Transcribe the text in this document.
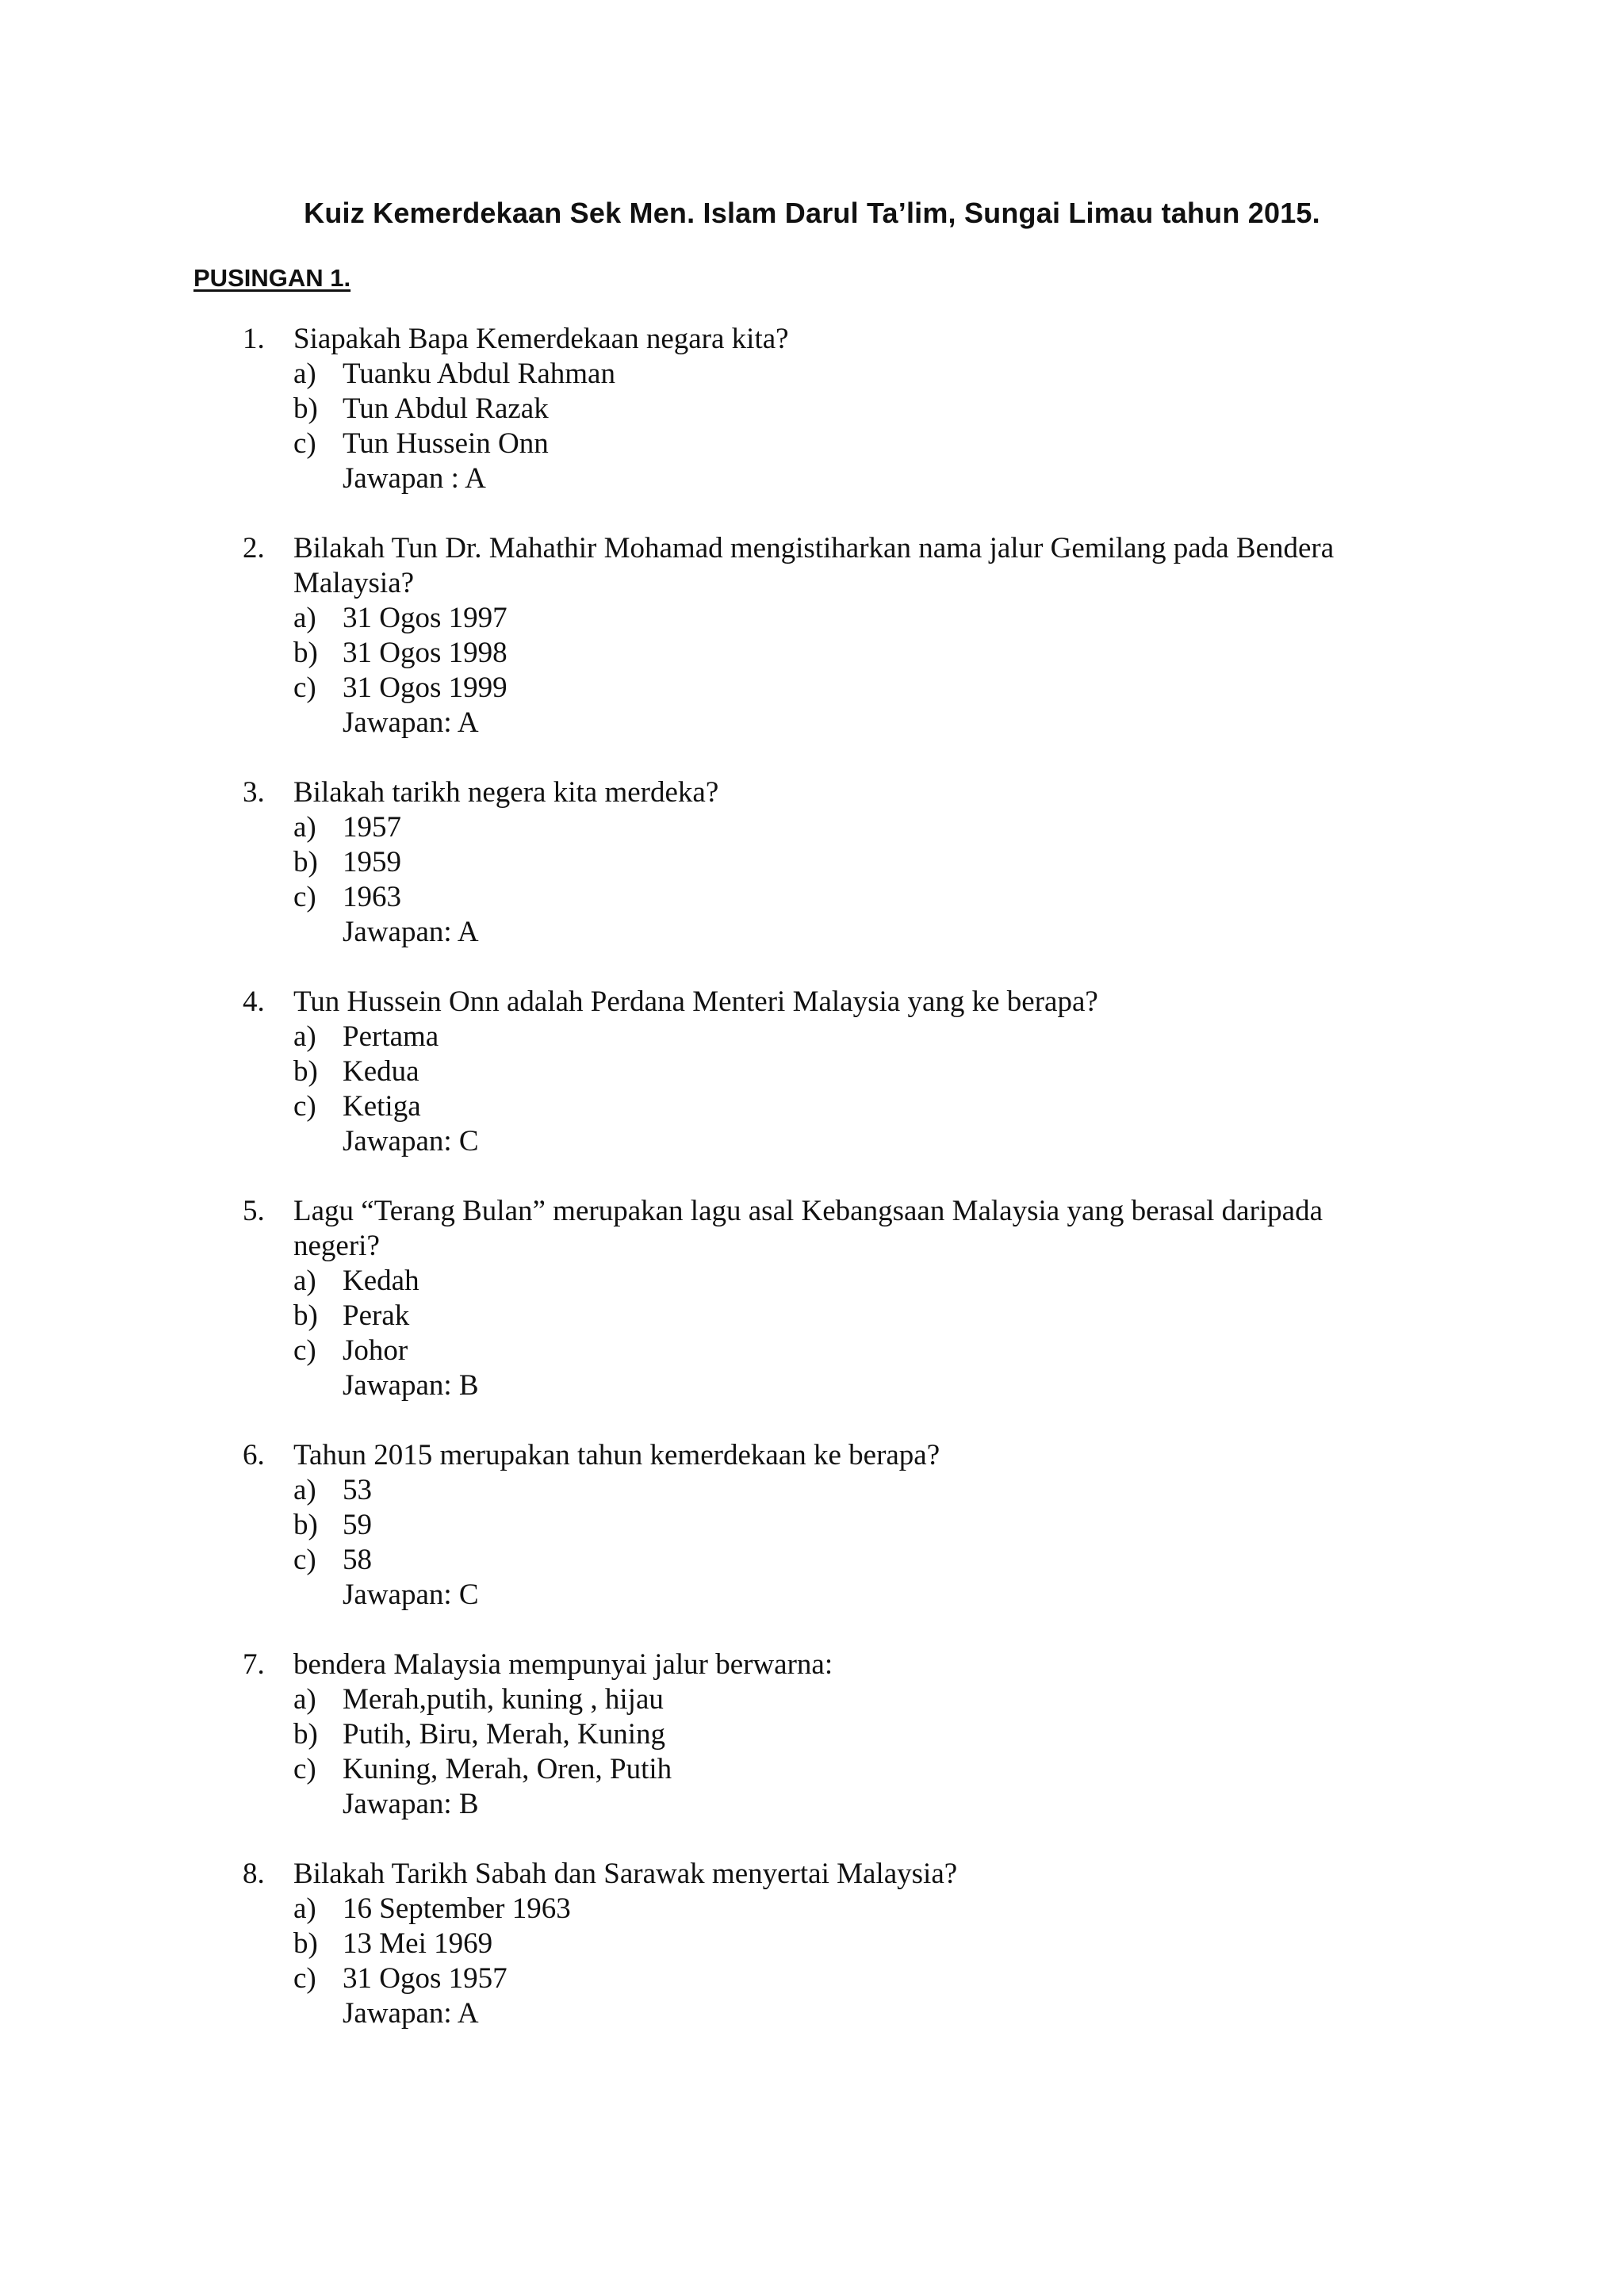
Kuiz Kemerdekaan Sek Men. Islam Darul Ta’lim, Sungai Limau tahun 2015.
PUSINGAN 1.
1. Siapakah Bapa Kemerdekaan negara kita?
a) Tuanku Abdul Rahman
b) Tun Abdul Razak
c) Tun Hussein Onn
Jawapan : A
2. Bilakah Tun Dr. Mahathir Mohamad mengistiharkan nama jalur Gemilang pada Bendera Malaysia?
a) 31 Ogos 1997
b) 31 Ogos 1998
c) 31 Ogos 1999
Jawapan: A
3. Bilakah tarikh negera kita merdeka?
a) 1957
b) 1959
c) 1963
Jawapan: A
4. Tun Hussein Onn adalah Perdana Menteri Malaysia yang ke berapa?
a) Pertama
b) Kedua
c) Ketiga
Jawapan: C
5. Lagu “Terang Bulan” merupakan lagu asal Kebangsaan Malaysia yang berasal daripada negeri?
a) Kedah
b) Perak
c) Johor
Jawapan: B
6. Tahun 2015 merupakan tahun kemerdekaan ke berapa?
a) 53
b) 59
c) 58
Jawapan: C
7. bendera Malaysia mempunyai jalur berwarna:
a) Merah,putih, kuning , hijau
b) Putih, Biru, Merah, Kuning
c) Kuning, Merah, Oren, Putih
Jawapan: B
8. Bilakah Tarikh Sabah dan Sarawak menyertai Malaysia?
a) 16 September 1963
b) 13 Mei 1969
c) 31 Ogos 1957
Jawapan: A
